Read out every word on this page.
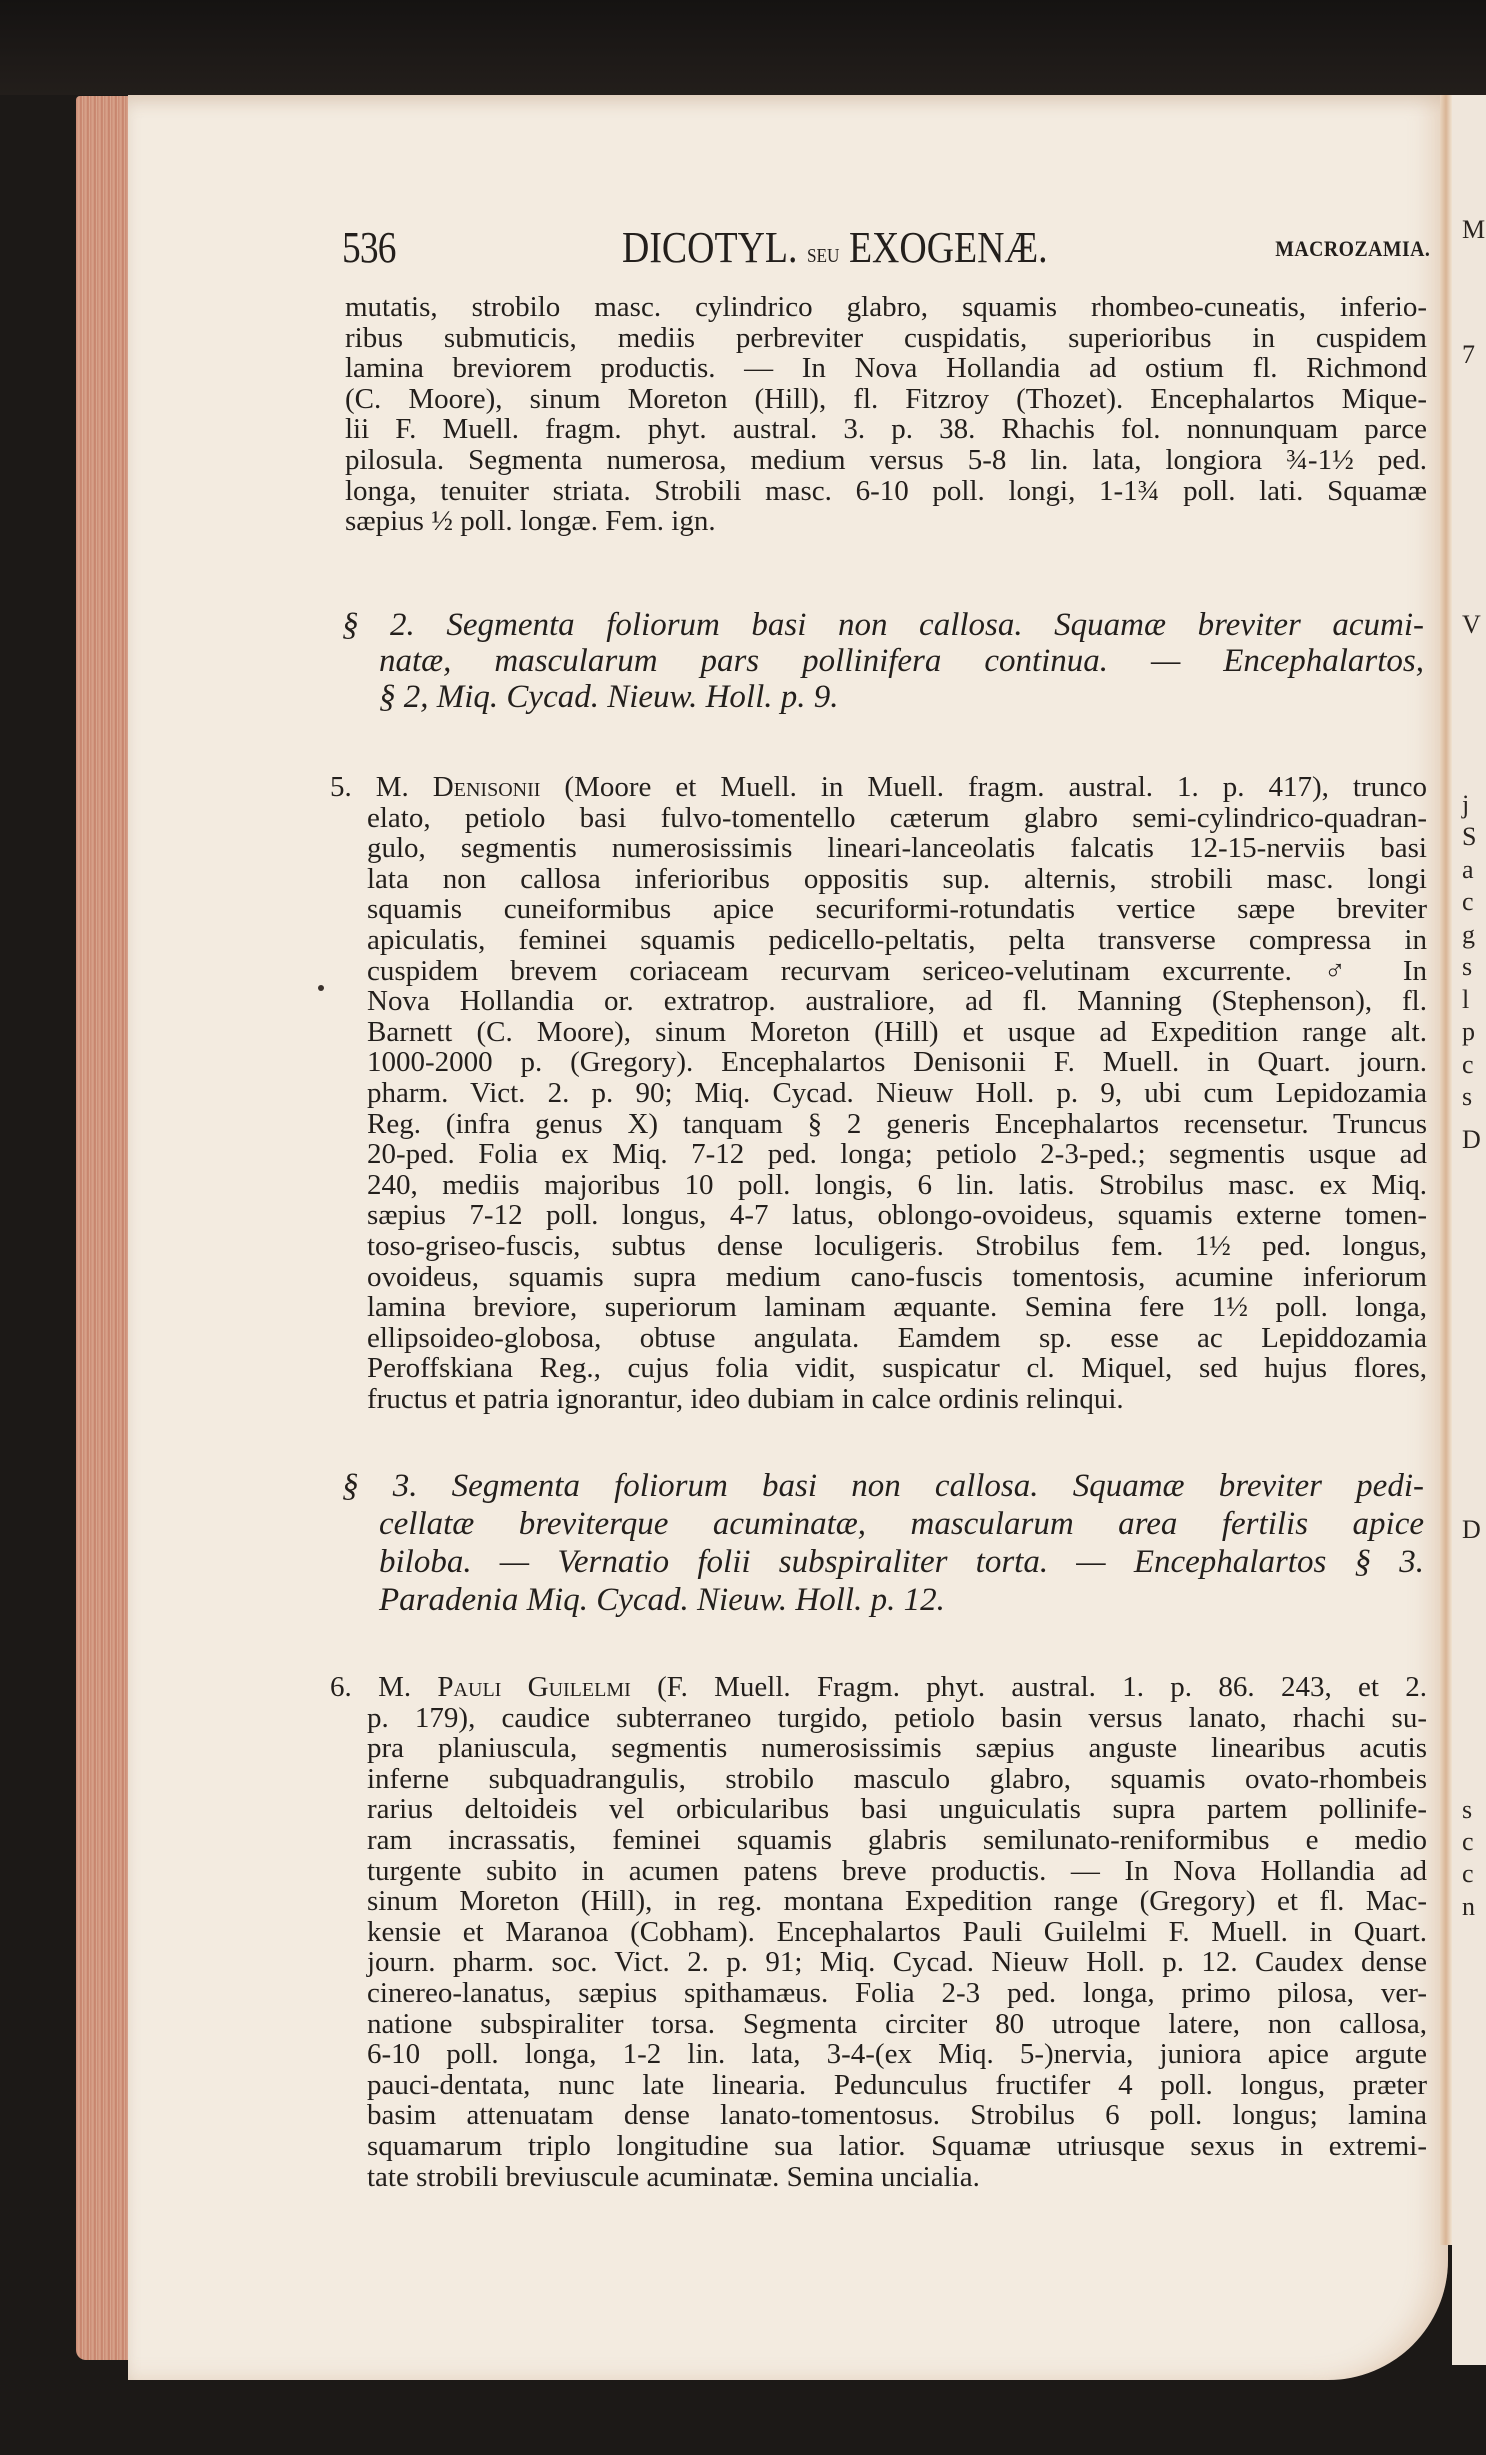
M
7
V
j
S
a
c
g
s
l
p
c
s
D
D
s
c
c
n
536	DICOTYL. seu EXOGENÆ.	MACROZAMIA.
mutatis, strobilo masc. cylindrico glabro, squamis rhombeo-cuneatis, inferio-
ribus submuticis, mediis perbreviter cuspidatis, superioribus in cuspidem
lamina breviorem productis. — In Nova Hollandia ad ostium fl. Richmond
(C. Moore), sinum Moreton (Hill), fl. Fitzroy (Thozet). Encephalartos Mique-
lii F. Muell. fragm. phyt. austral. 3. p. 38. Rhachis fol. nonnunquam parce
pilosula. Segmenta numerosa, medium versus 5-8 lin. lata, longiora ¾-1½ ped.
longa, tenuiter striata. Strobili masc. 6-10 poll. longi, 1-1¾ poll. lati. Squamæ
sæpius ½ poll. longæ. Fem. ign.
§ 2. Segmenta foliorum basi non callosa. Squamæ breviter acumi-
natæ, mascularum pars pollinifera continua. — Encephalartos,
§ 2, Miq. Cycad. Nieuw. Holl. p. 9.
5. M. Denisonii (Moore et Muell. in Muell. fragm. austral. 1. p. 417), trunco
elato, petiolo basi fulvo-tomentello cæterum glabro semi-cylindrico-quadran-
gulo, segmentis numerosissimis lineari-lanceolatis falcatis 12-15-nerviis basi
lata non callosa inferioribus oppositis sup. alternis, strobili masc. longi
squamis cuneiformibus apice securiformi-rotundatis vertice sæpe breviter
apiculatis, feminei squamis pedicello-peltatis, pelta transverse compressa in
cuspidem brevem coriaceam recurvam sericeo-velutinam excurrente. ♂ In
Nova Hollandia or. extratrop. australiore, ad fl. Manning (Stephenson), fl.
Barnett (C. Moore), sinum Moreton (Hill) et usque ad Expedition range alt.
1000-2000 p. (Gregory). Encephalartos Denisonii F. Muell. in Quart. journ.
pharm. Vict. 2. p. 90; Miq. Cycad. Nieuw Holl. p. 9, ubi cum Lepidozamia
Reg. (infra genus X) tanquam § 2 generis Encephalartos recensetur. Truncus
20-ped. Folia ex Miq. 7-12 ped. longa; petiolo 2-3-ped.; segmentis usque ad
240, mediis majoribus 10 poll. longis, 6 lin. latis. Strobilus masc. ex Miq.
sæpius 7-12 poll. longus, 4-7 latus, oblongo-ovoideus, squamis externe tomen-
toso-griseo-fuscis, subtus dense loculigeris. Strobilus fem. 1½ ped. longus,
ovoideus, squamis supra medium cano-fuscis tomentosis, acumine inferiorum
lamina breviore, superiorum laminam æquante. Semina fere 1½ poll. longa,
ellipsoideo-globosa, obtuse angulata. Eamdem sp. esse ac Lepiddozamia
Peroffskiana Reg., cujus folia vidit, suspicatur cl. Miquel, sed hujus flores,
fructus et patria ignorantur, ideo dubiam in calce ordinis relinqui.
§ 3. Segmenta foliorum basi non callosa. Squamæ breviter pedi-
cellatæ breviterque acuminatæ, mascularum area fertilis apice
biloba. — Vernatio folii subspiraliter torta. — Encephalartos § 3.
Paradenia Miq. Cycad. Nieuw. Holl. p. 12.
6. M. Pauli Guilelmi (F. Muell. Fragm. phyt. austral. 1. p. 86. 243, et 2.
p. 179), caudice subterraneo turgido, petiolo basin versus lanato, rhachi su-
pra planiuscula, segmentis numerosissimis sæpius anguste linearibus acutis
inferne subquadrangulis, strobilo masculo glabro, squamis ovato-rhombeis
rarius deltoideis vel orbicularibus basi unguiculatis supra partem pollinife-
ram incrassatis, feminei squamis glabris semilunato-reniformibus e medio
turgente subito in acumen patens breve productis. — In Nova Hollandia ad
sinum Moreton (Hill), in reg. montana Expedition range (Gregory) et fl. Mac-
kensie et Maranoa (Cobham). Encephalartos Pauli Guilelmi F. Muell. in Quart.
journ. pharm. soc. Vict. 2. p. 91; Miq. Cycad. Nieuw Holl. p. 12. Caudex dense
cinereo-lanatus, sæpius spithamæus. Folia 2-3 ped. longa, primo pilosa, ver-
natione subspiraliter torsa. Segmenta circiter 80 utroque latere, non callosa,
6-10 poll. longa, 1-2 lin. lata, 3-4-(ex Miq. 5-)nervia, juniora apice argute
pauci-dentata, nunc late linearia. Pedunculus fructifer 4 poll. longus, præter
basim attenuatam dense lanato-tomentosus. Strobilus 6 poll. longus; lamina
squamarum triplo longitudine sua latior. Squamæ utriusque sexus in extremi-
tate strobili breviuscule acuminatæ. Semina uncialia.
